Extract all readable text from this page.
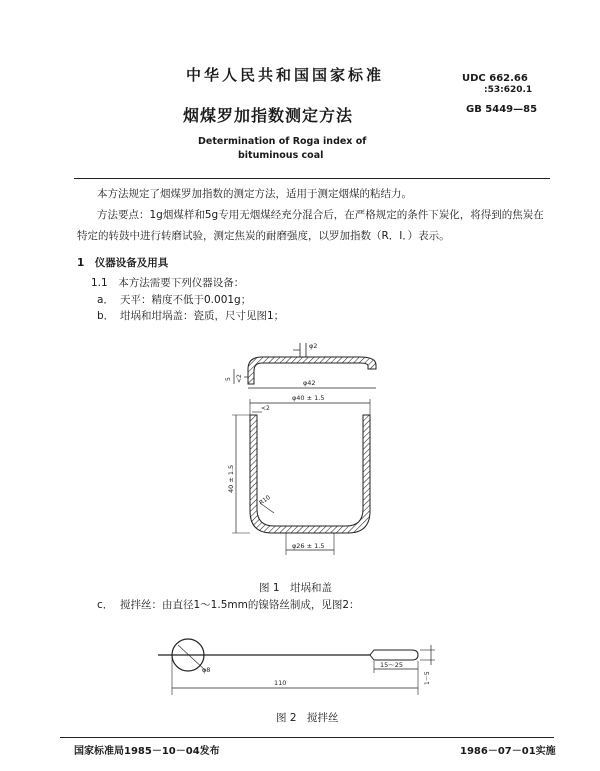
中华人民共和国国家标准	UDC 662.66
:53:620.1
烟煤罗加指数测定方法	GB 5449—85
Determination of Roga index of
bituminous coal
本方法规定了烟煤罗加指数的测定方法，适用于测定烟煤的粘结力。
方法要点：1g烟煤样和5g专用无烟煤经充分混合后，在严格规定的条件下炭化，将得到的焦炭在
特定的转鼓中进行转磨试验，测定焦炭的耐磨强度，以罗加指数（R．I．）表示。
1　仪器设备及用具
1.1　本方法需要下列仪器设备：
a． 天平：精度不低于0.001g；
b． 坩埚和坩埚盖：瓷质，尺寸见图1；
φ2
5 <2	φ42
φ40 ± 1.5
<2
40 ± 1.5
R10
φ26 ± 1.5
图 1　坩埚和盖
c． 搅拌丝：由直径1～1.5mm的镍铬丝制成，见图2：
φ8
110
15～25
1～5
图 2　搅拌丝
国家标准局1985－10－04发布	1986－07－01实施
